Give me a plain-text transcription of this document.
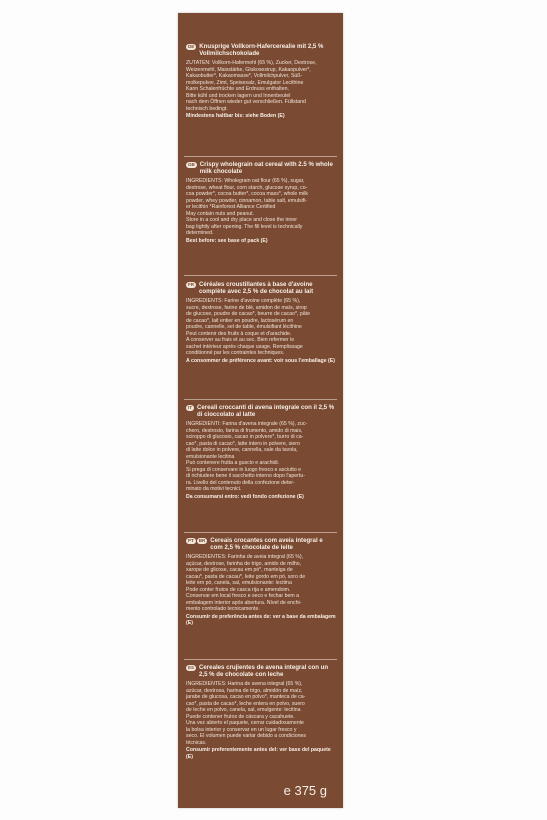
DE Knusprige Vollkorn-Hafercerealie mit 2,5 % Vollmilchschokolade

ZUTATEN: Vollkorn-Hafermehl (65 %), Zucker, Dextrose,

Weizenmehl, Maisstärke, Glukosesirup, Kakaopulver*,

Kakaobutter*, Kakaomasse*, Vollmilchpulver, Süß-

molkepulver, Zimt, Speisesalz, Emulgator Lecithine

Kann Schalenfrüchte und Erdnuss enthalten.

Bitte kühl und trocken lagern und Innenbeutel

nach dem Öffnen wieder gut verschließen. Füllstand

technisch bedingt.

Mindestens haltbar bis: siehe Boden (E)
GB Crispy wholegrain oat cereal with 2.5 % whole milk chocolate

INGREDIENTS: Wholegrain oat flour (65 %), sugar,

dextrose, wheat flour, corn starch, glucose syrup, co-

coa powder*, cocoa butter*, cocoa mass*, whole milk

powder, whey powder, cinnamon, table salt, emulsifi-

er lecithin *Rainforest Alliance Certified

May contain nuts and peanut.

Store in a cool and dry place and close the inner

bag tightly after opening. The fill level is technically

determined.

Best before: see base of pack (E)
FR Céréales croustillantes à base d'avoine complète avec 2,5 % de chocolat au lait

INGREDIENTS: Farine d'avoine complète (65 %),

sucre, dextrose, farine de blé, amidon de maïs, sirop

de glucose, poudre de cacao*, beurre de cacao*, pâte

de cacao*, lait entier en poudre, lactosérum en

poudre, cannelle, sel de table, émulsifiant lécithine

Peut contenir des fruits à coque et d'arachide.

A conserver au frais et au sec. Bien refermer le

sachet intérieur après chaque usage. Remplissage

conditionné par les contraintes techniques.

A consommer de préférence avant: voir sous l'emballage (E)
IT Cereali croccanti di avena integrale con il 2,5 % di cioccolato al latte

INGREDIENTI: Farina d'avena integrale (65 %), zuc-

chero, destrosio, farina di frumento, amido di mais,

sciroppo di glucosio, cacao in polvere*, burro di ca-

cao*, pasta di cacao*, latte intero in polvere, siero

di latte dolce in polvere, cannella, sale da tavola,

emulsionante lecitina

Può contenere frutta a guscio e arachidi.

Si prega di conservare in luogo fresco e asciutto e

di richiudere bene il sacchetto interno dopo l'apertu-

ra. Livello del contenuto della confezione deter-

minato da motivi tecnici.

Da consumarsi entro: vedi fondo confezione (E)
PT	BR Cereais crocantes com aveia integral e com 2,5 % chocolate de leite

INGREDIENTES: Farinha de aveia integral (65 %),

açúcar, dextrose, farinha de trigo, amido de milho,

xarope de glicose, cacau em pó*, manteiga de

cacau*, pasta de cacau*, leite gordo em pó, soro de

leite em pó, canela, sal, emulsionante: lecitina

Pode conter frutos de casca rija e amendoim.

Conservar em local fresco e seco e fechar bem a

embalagem interior após abertura. Nível de enchi-

mento controlado tecnicamente.

Consumir de preferência antes de: ver a base da embalagem (E)
ES Cereales crujientes de avena integral con un 2,5 % de chocolate con leche

INGREDIENTES: Harina de avena integral (65 %),

azúcar, dextrosa, harina de trigo, almidón de maíz,

jarabe de glucosa, cacao en polvo*, manteca de ca-

cao*, pasta de cacao*, leche entera en polvo, suero

de leche en polvo, canela, sal, emulgente: lecitina

Puede contener frutos de cáscara y cacahuete.

Una vez abierto el paquete, cerrar cuidadosamente

la bolsa interior y conservar en un lugar fresco y

seco. El volumen puede variar debido a condiciones

técnicas.

Consumir preferentemente antes del: ver base del paquete (E)
e 375 g
